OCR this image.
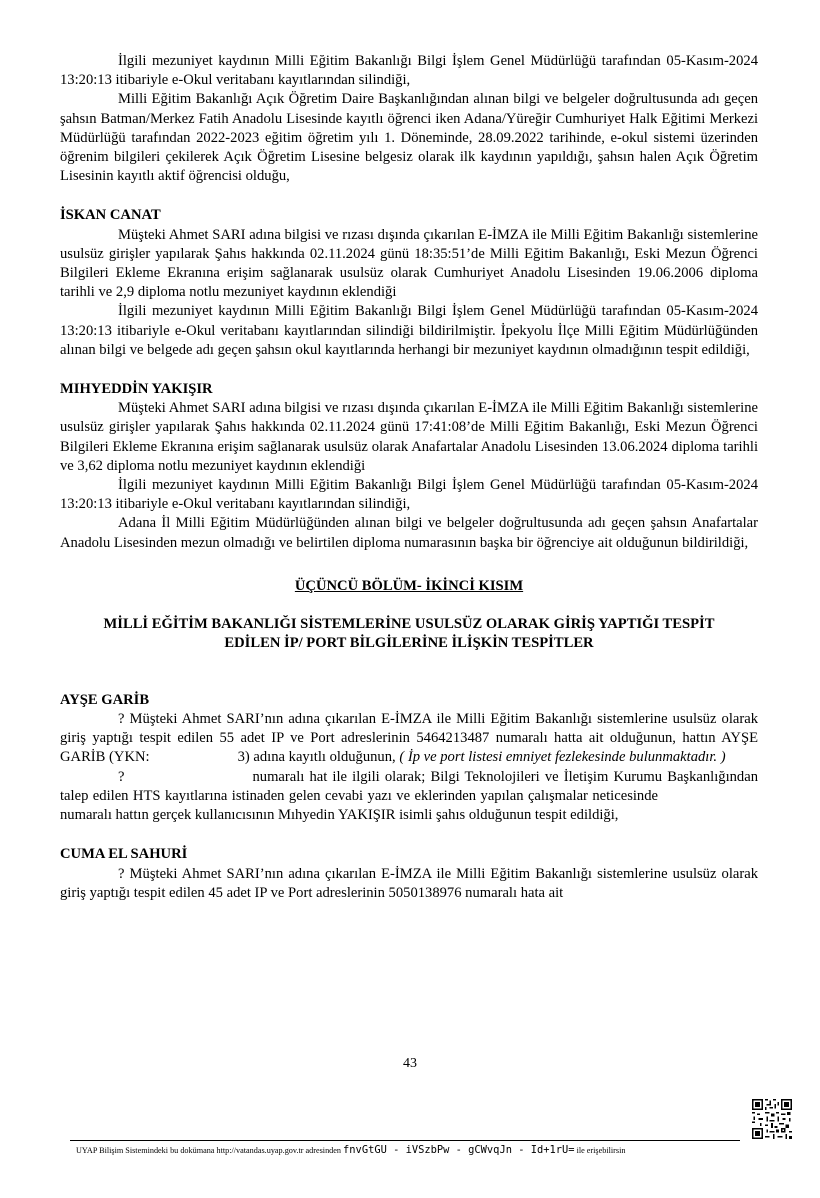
İlgili mezuniyet kaydının Milli Eğitim Bakanlığı Bilgi İşlem Genel Müdürlüğü tarafından 05-Kasım-2024 13:20:13 itibariyle e-Okul veritabanı kayıtlarından silindiği,

Milli Eğitim Bakanlığı Açık Öğretim Daire Başkanlığından alınan bilgi ve belgeler doğrultusunda adı geçen şahsın Batman/Merkez Fatih Anadolu Lisesinde kayıtlı öğrenci iken Adana/Yüreğir Cumhuriyet Halk Eğitimi Merkezi Müdürlüğü tarafından 2022-2023 eğitim öğretim yılı 1. Döneminde, 28.09.2022 tarihinde, e-okul sistemi üzerinden öğrenim bilgileri çekilerek Açık Öğretim Lisesine belgesiz olarak ilk kaydının yapıldığı, şahsın halen Açık Öğretim Lisesinin kayıtlı aktif öğrencisi olduğu,

İSKAN CANAT

Müşteki Ahmet SARI adına bilgisi ve rızası dışında çıkarılan E-İMZA ile Milli Eğitim Bakanlığı sistemlerine usulsüz girişler yapılarak Şahıs hakkında 02.11.2024 günü 18:35:51’de Milli Eğitim Bakanlığı, Eski Mezun Öğrenci Bilgileri Ekleme Ekranına erişim sağlanarak usulsüz olarak Cumhuriyet Anadolu Lisesinden 19.06.2006 diploma tarihli ve 2,9 diploma notlu mezuniyet kaydının eklendiği

İlgili mezuniyet kaydının Milli Eğitim Bakanlığı Bilgi İşlem Genel Müdürlüğü tarafından 05-Kasım-2024 13:20:13 itibariyle e-Okul veritabanı kayıtlarından silindiği bildirilmiştir. İpekyolu İlçe Milli Eğitim Müdürlüğünden alınan bilgi ve belgede adı geçen şahsın okul kayıtlarında herhangi bir mezuniyet kaydının olmadığının tespit edildiği,

MIHYEDDİN YAKIŞIR

Müşteki Ahmet SARI adına bilgisi ve rızası dışında çıkarılan E-İMZA ile Milli Eğitim Bakanlığı sistemlerine usulsüz girişler yapılarak Şahıs hakkında 02.11.2024 günü 17:41:08’de Milli Eğitim Bakanlığı, Eski Mezun Öğrenci Bilgileri Ekleme Ekranına erişim sağlanarak usulsüz olarak Anafartalar Anadolu Lisesinden 13.06.2024 diploma tarihli ve 3,62 diploma notlu mezuniyet kaydının eklendiği

İlgili mezuniyet kaydının Milli Eğitim Bakanlığı Bilgi İşlem Genel Müdürlüğü tarafından 05-Kasım-2024 13:20:13 itibariyle e-Okul veritabanı kayıtlarından silindiği,

Adana İl Milli Eğitim Müdürlüğünden alınan bilgi ve belgeler doğrultusunda adı geçen şahsın Anafartalar Anadolu Lisesinden mezun olmadığı ve belirtilen diploma numarasının başka bir öğrenciye ait olduğunun bildirildiği,

ÜÇÜNCÜ BÖLÜM- İKİNCİ KISIM
MİLLİ EĞİTİM BAKANLIĞI SİSTEMLERİNE USULSÜZ OLARAK GİRİŞ YAPTIĞI TESPİT
EDİLEN İP/ PORT BİLGİLERİNE İLİŞKİN TESPİTLER
AYŞE GARİB

? Müşteki Ahmet SARI’nın adına çıkarılan E-İMZA ile Milli Eğitim Bakanlığı sistemlerine usulsüz olarak giriş yaptığı tespit edilen 55 adet IP ve Port adreslerinin 5464213487 numaralı hatta ait olduğunun, hattın AYŞE GARİB (YKN:	3) adına kayıtlı olduğunun, ( İp ve port listesi emniyet fezlekesinde bulunmaktadır. )

?	numaralı hat ile ilgili olarak; Bilgi Teknolojileri ve İletişim Kurumu Başkanlığından talep edilen HTS kayıtlarına istinaden gelen cevabi yazı ve eklerinden yapılan çalışmalar neticesindenumaralı hattın gerçek kullanıcısının Mıhyedin YAKIŞIR isimli şahıs olduğunun tespit edildiği,

CUMA EL SAHURİ

? Müşteki Ahmet SARI’nın adına çıkarılan E-İMZA ile Milli Eğitim Bakanlığı sistemlerine usulsüz olarak giriş yaptığı tespit edilen 45 adet IP ve Port adreslerinin 5050138976 numaralı hata ait

43
UYAP Bilişim Sistemindeki bu dokümana http://vatandas.uyap.gov.tr adresinden fnvGtGU - iVSzbPw - gCWvqJn - Id+1rU= ile erişebilirsin
